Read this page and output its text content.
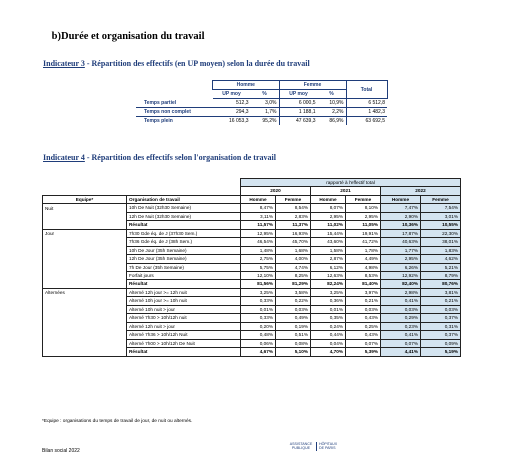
b)Durée et organisation du travail
Indicateur 3 - Répartition des effectifs (en UP moyen) selon la durée du travail
	Homme		Femme		Total
	UP moy	%	UP moy	%	
Temps partiel	512,3	3,0%	6 000,5	10,9%	6 512,8
Temps non complet	294,3	1,7%	1 188,1	2,2%	1 482,3
Temps plein	16 053,3	95,2%	47 639,3	86,9%	63 692,5
Indicateur 4 - Répartition des effectifs selon l'organisation de travail
		rapporté à l'effectif total					
		2020		2021		2022	
Equipe*	Organisation de travail	Homme	Femme	Homme	Femme	Homme	Femme
Nuit	10h De Nuit (32h30 Semaine)	8,47%	8,54%	8,07%	8,10%	7,47%	7,54%
	12h De Nuit (32h30 Semaine)	3,11%	2,83%	2,95%	2,95%	2,90%	3,01%
	Résultat	11,57%	11,37%	11,02%	11,05%	10,36%	10,55%
Jour	7h30 Gde éq. de J (37h30 Sem.)	12,95%	16,93%	15,44%	19,91%	17,87%	22,30%
	7h36 Gde éq. de J (38h Sem.)	46,54%	45,70%	43,60%	41,72%	40,63%	38,01%
	10h De Jour (35h Semaine)	1,48%	1,68%	1,58%	1,78%	1,77%	1,83%
	12h De Jour (35h Semaine)	2,75%	4,00%	2,87%	4,49%	2,95%	4,62%
	7h De Jour (35h Semaine)	5,75%	4,74%	6,12%	4,98%	6,26%	5,21%
	Forfait jours	12,10%	8,25%	12,63%	8,53%	12,92%	8,79%
	Résultat	81,56%	81,29%	82,24%	81,40%	82,40%	80,76%
Alternées	Alterné 12h jour >= 12h nuit	3,25%	3,58%	3,25%	3,97%	2,98%	3,81%
	Alterné 10h jour >= 10h nuit	0,33%	0,22%	0,36%	0,21%	0,41%	0,21%
	Alterné 10h nuit > jour	0,01%	0,03%	0,01%	0,03%	0,03%	0,03%
	Alterné 7h30 > 10h/12h nuit	0,33%	0,49%	0,35%	0,43%	0,29%	0,37%
	Alterné 12h nuit > jour	0,20%	0,19%	0,24%	0,25%	0,23%	0,31%
	Alterné 7h36 > 10h/12h Nuit	0,48%	0,51%	0,44%	0,43%	0,41%	0,37%
	Alterné 7h00 > 10h/12h De Nuit	0,06%	0,08%	0,04%	0,07%	0,07%	0,09%
	Résultat	4,67%	5,10%	4,70%	5,39%	4,41%	5,19%
*Equipe : organisations du temps de travail de jour, de nuit ou alternés.
Bilan social 2022
ASSISTANCE
PUBLIQUE
HÔPITAUX
DE PARIS
